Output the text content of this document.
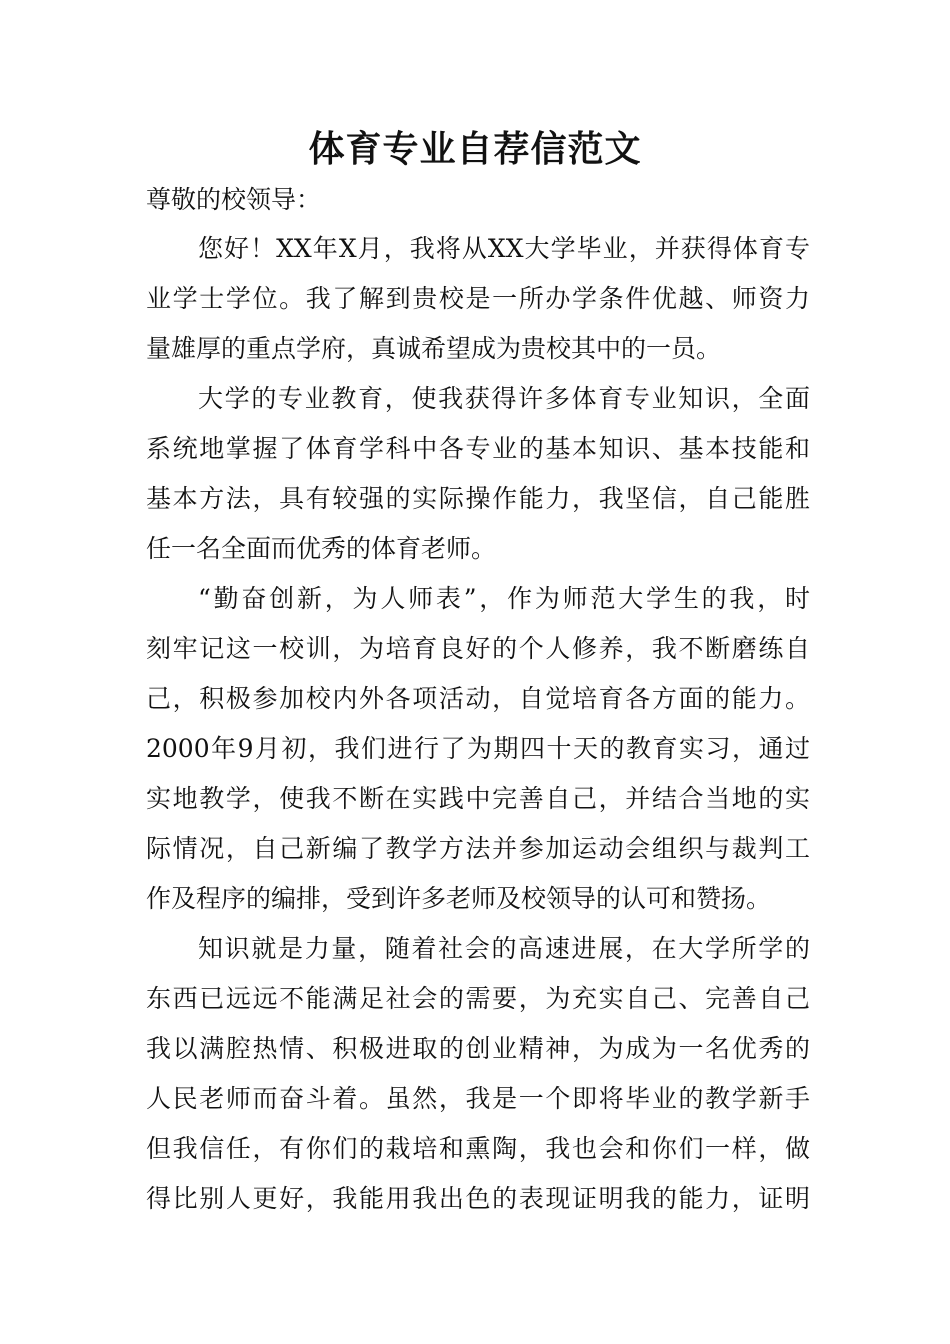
体育专业自荐信范文

尊敬的校领导：

您好！XX年X月，我将从XX大学毕业，并获得体育专

业学士学位。我了解到贵校是一所办学条件优越、师资力

量雄厚的重点学府，真诚希望成为贵校其中的一员。

大学的专业教育，使我获得许多体育专业知识，全面

系统地掌握了体育学科中各专业的基本知识、基本技能和

基本方法，具有较强的实际操作能力，我坚信，自己能胜

任一名全面而优秀的体育老师。

“勤奋创新，为人师表”，作为师范大学生的我，时

刻牢记这一校训，为培育良好的个人修养，我不断磨练自

己，积极参加校内外各项活动，自觉培育各方面的能力。

2000年9月初，我们进行了为期四十天的教育实习，通过

实地教学，使我不断在实践中完善自己，并结合当地的实

际情况，自己新编了教学方法并参加运动会组织与裁判工

作及程序的编排，受到许多老师及校领导的认可和赞扬。

知识就是力量，随着社会的高速进展，在大学所学的

东西已远远不能满足社会的需要，为充实自己、完善自己

我以满腔热情、积极进取的创业精神，为成为一名优秀的

人民老师而奋斗着。虽然，我是一个即将毕业的教学新手

但我信任，有你们的栽培和熏陶，我也会和你们一样，做

得比别人更好，我能用我出色的表现证明我的能力，证明
